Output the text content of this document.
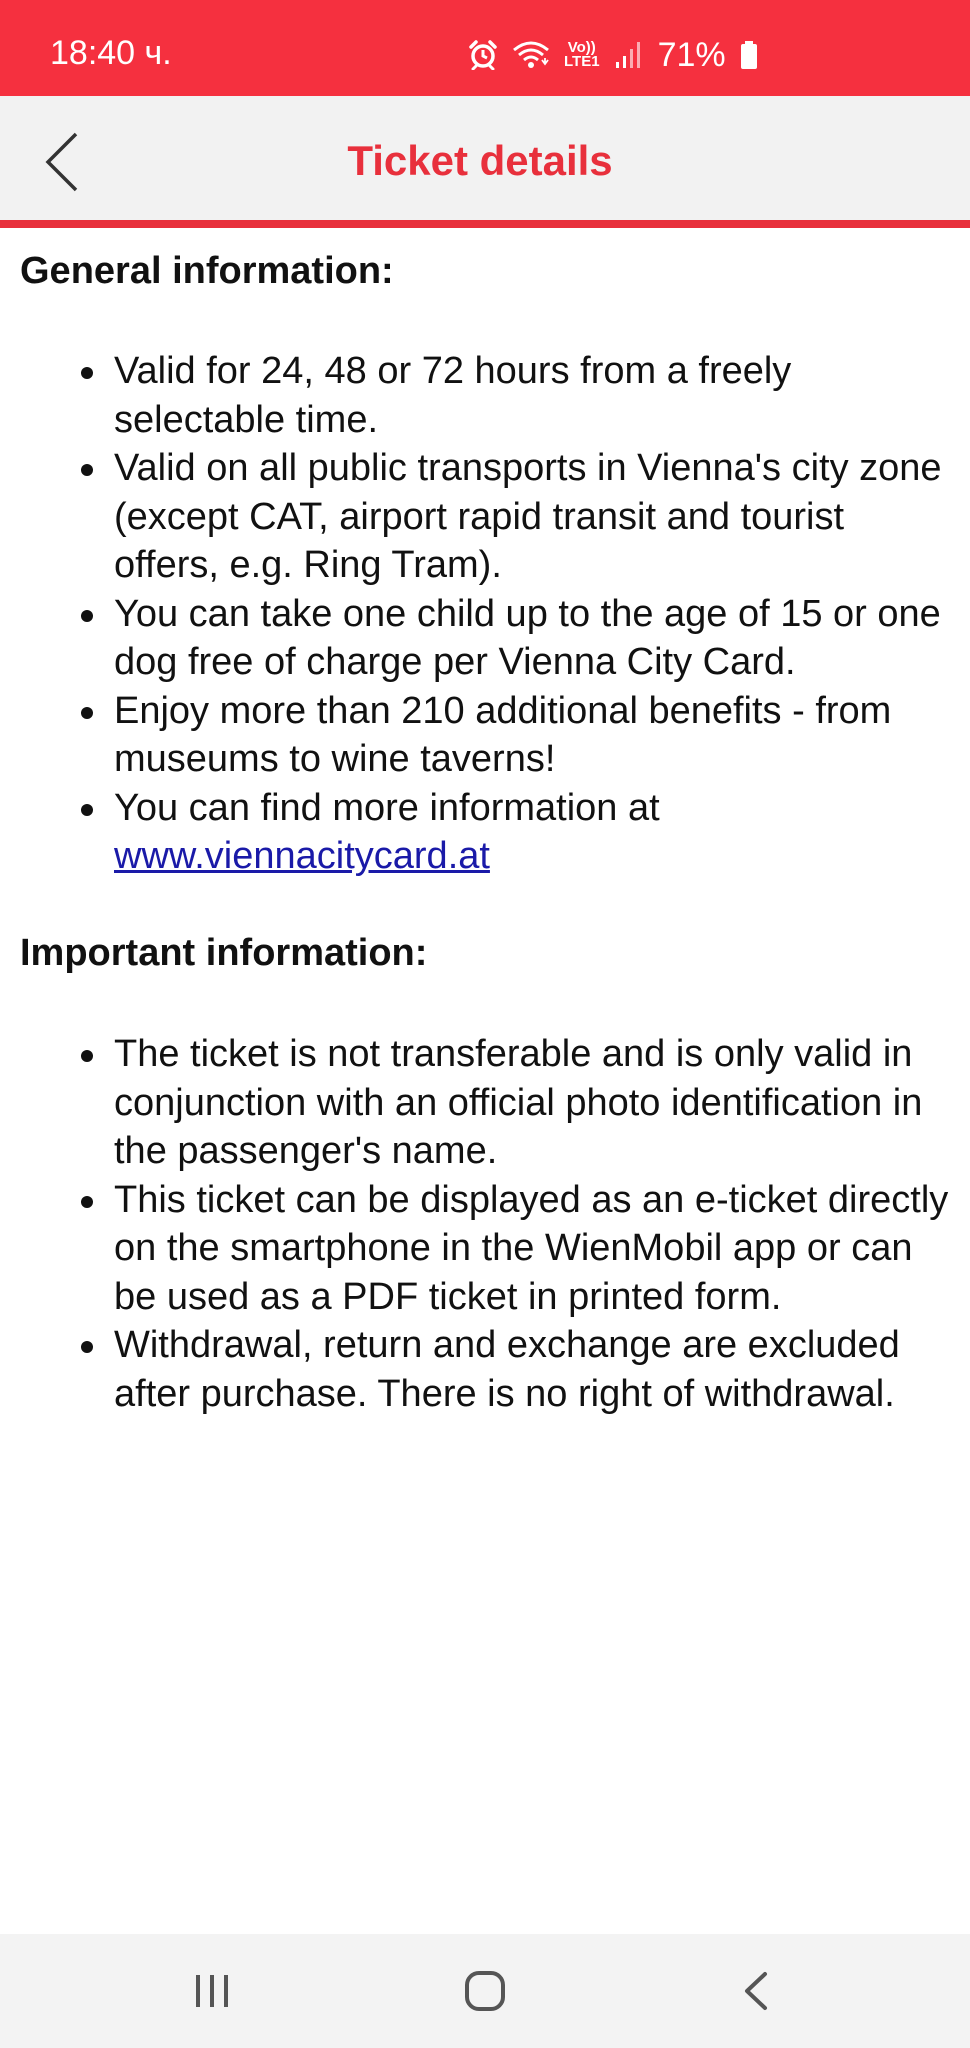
18:40 ч.	Vo))
LTE1 71%
Ticket details
General information:
Valid for 24, 48 or 72 hours from a freely selectable time.
Valid on all public transports in Vienna's city zone (except CAT, airport rapid transit and tourist offers, e.g. Ring Tram).
You can take one child up to the age of 15 or one dog free of charge per Vienna City Card.
Enjoy more than 210 additional benefits - from museums to wine taverns!
You can find more information at www.viennacitycard.at
Important information:
The ticket is not transferable and is only valid in conjunction with an official photo identification in the passenger's name.
This ticket can be displayed as an e-ticket directly on the smartphone in the WienMobil app or can be used as a PDF ticket in printed form.
Withdrawal, return and exchange are excluded after purchase. There is no right of withdrawal.
